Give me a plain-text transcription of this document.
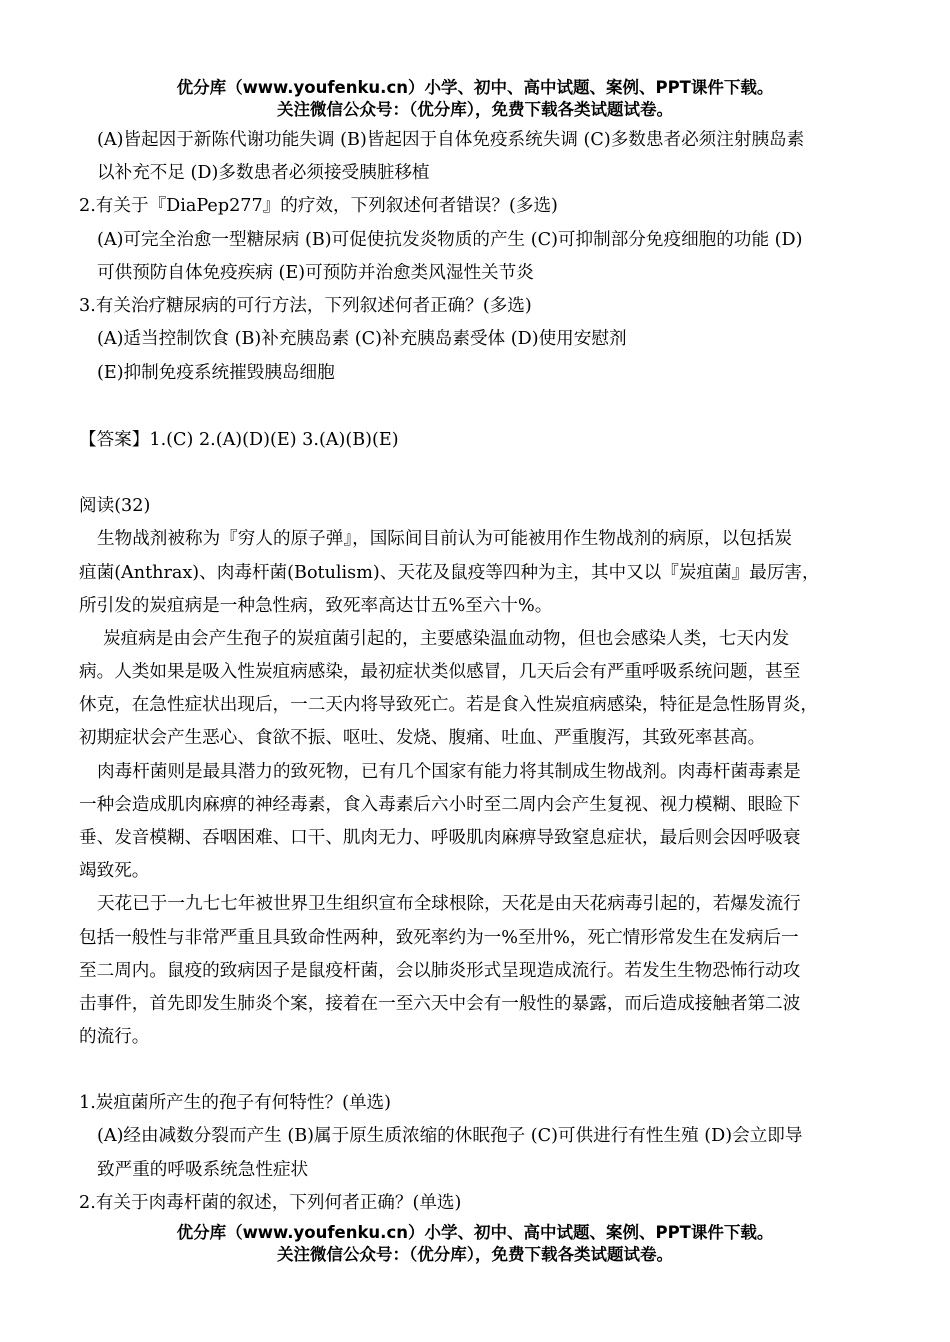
优分库（www.youfenku.cn）小学、初中、高中试题、案例、PPT课件下载。
关注微信公众号：（优分库），免费下载各类试题试卷。
(A)皆起因于新陈代谢功能失调 (B)皆起因于自体免疫系统失调 (C)多数患者必须注射胰岛素
以补充不足 (D)多数患者必须接受胰脏移植
2.有关于『DiaPep277』的疗效，下列叙述何者错误？(多选)
(A)可完全治愈一型糖尿病 (B)可促使抗发炎物质的产生 (C)可抑制部分免疫细胞的功能 (D)
可供预防自体免疫疾病 (E)可预防并治愈类风湿性关节炎
3.有关治疗糖尿病的可行方法，下列叙述何者正确？(多选)
(A)适当控制饮食 (B)补充胰岛素 (C)补充胰岛素受体 (D)使用安慰剂
(E)抑制免疫系统摧毁胰岛细胞
【答案】1.(C) 2.(A)(D)(E) 3.(A)(B)(E)
阅读(32)
生物战剂被称为『穷人的原子弹』，国际间目前认为可能被用作生物战剂的病原，以包括炭
疽菌(Anthrax)、肉毒杆菌(Botulism)、天花及鼠疫等四种为主，其中又以『炭疽菌』最厉害，
所引发的炭疽病是一种急性病，致死率高达廿五%至六十%。
炭疽病是由会产生孢子的炭疽菌引起的，主要感染温血动物，但也会感染人类，七天内发
病。人类如果是吸入性炭疽病感染，最初症状类似感冒，几天后会有严重呼吸系统问题，甚至
休克，在急性症状出现后，一二天内将导致死亡。若是食入性炭疽病感染，特征是急性肠胃炎，
初期症状会产生恶心、食欲不振、呕吐、发烧、腹痛、吐血、严重腹泻，其致死率甚高。
肉毒杆菌则是最具潜力的致死物，已有几个国家有能力将其制成生物战剂。肉毒杆菌毒素是
一种会造成肌肉麻痹的神经毒素，食入毒素后六小时至二周内会产生复视、视力模糊、眼睑下
垂、发音模糊、吞咽困难、口干、肌肉无力、呼吸肌肉麻痹导致窒息症状，最后则会因呼吸衰
竭致死。
天花已于一九七七年被世界卫生组织宣布全球根除，天花是由天花病毒引起的，若爆发流行
包括一般性与非常严重且具致命性两种，致死率约为一%至卅%，死亡情形常发生在发病后一
至二周内。鼠疫的致病因子是鼠疫杆菌，会以肺炎形式呈现造成流行。若发生生物恐怖行动攻
击事件，首先即发生肺炎个案，接着在一至六天中会有一般性的暴露，而后造成接触者第二波
的流行。
1.炭疽菌所产生的孢子有何特性？(单选)
(A)经由减数分裂而产生 (B)属于原生质浓缩的休眠孢子 (C)可供进行有性生殖 (D)会立即导
致严重的呼吸系统急性症状
2.有关于肉毒杆菌的叙述，下列何者正确？(单选)
优分库（www.youfenku.cn）小学、初中、高中试题、案例、PPT课件下载。
关注微信公众号：（优分库），免费下载各类试题试卷。
